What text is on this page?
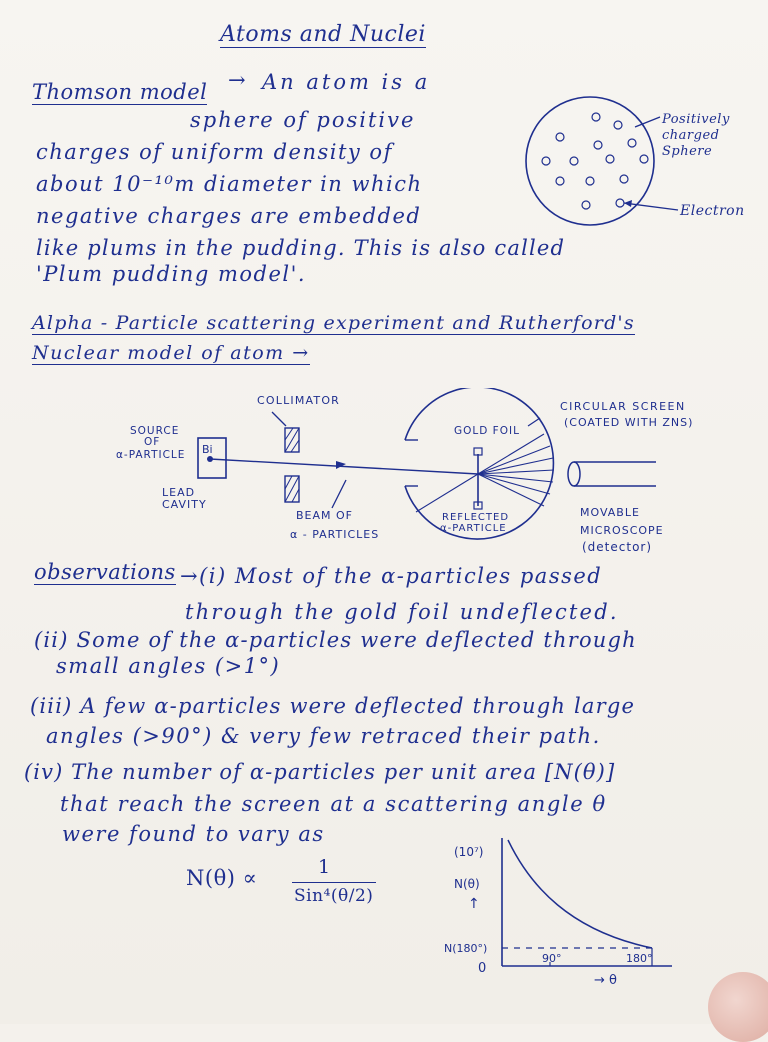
Atoms and Nuclei
Thomson model → An atom is a
sphere of positive
charges of uniform density of
about 10⁻¹⁰m diameter in which
negative charges are embedded
like plums in the pudding. This is also called
'Plum pudding model'.
Positively charged Sphere
Electron
Alpha - Particle scattering experiment and Rutherford's
Nuclear model of atom →
Bi
COLLIMATOR
SOURCE
OF
α-PARTICLE
LEAD
CAVITY
BEAM OF
α - PARTICLES
GOLD FOIL
CIRCULAR SCREEN
(COATED WITH ZNS)
REFLECTED
α-PARTICLE
MOVABLE
MICROSCOPE
(detector)
observations →(i) Most of the α-particles passed
through the gold foil undeflected.
(ii) Some of the α-particles were deflected through
small angles (>1°)
(iii) A few α-particles were deflected through large
angles (>90°) & very few retraced their path.
(iv) The number of α-particles per unit area [N(θ)]
that reach the screen at a scattering angle θ
were found to vary as
N(θ) ∝	1
Sin⁴(θ/2)
(10⁷)
N(θ)
↑
N(180°)
0
90°	180°
→ θ
